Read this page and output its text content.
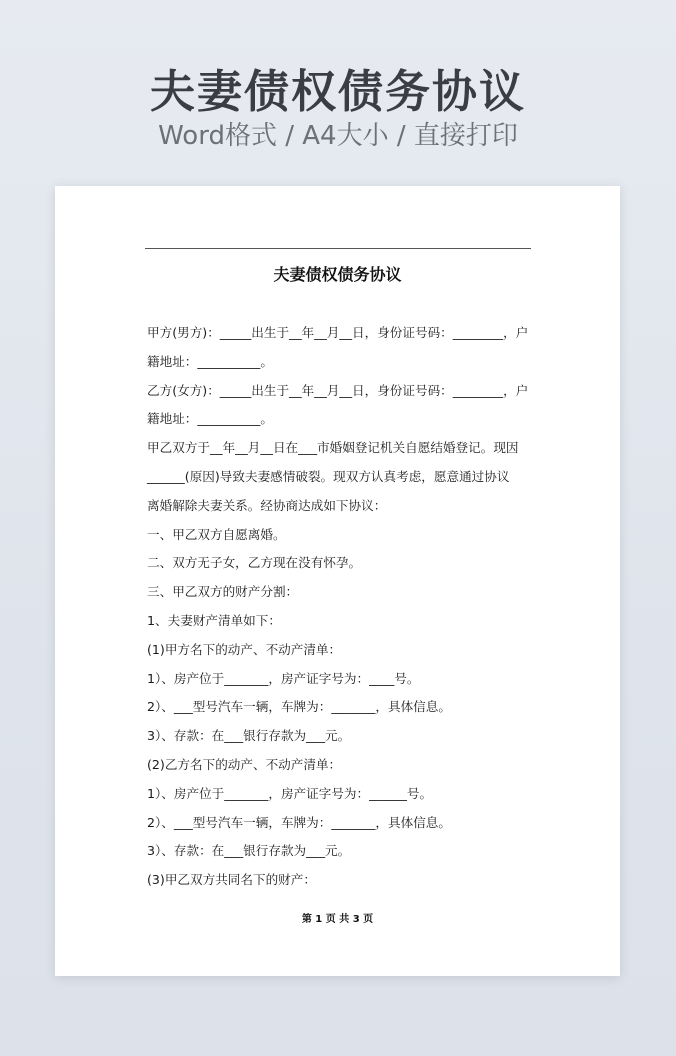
夫妻债权债务协议
Word格式 / A4大小 / 直接打印
夫妻债权债务协议
甲方(男方)：_____出生于__年__月__日，身份证号码：________，户
籍地址：__________。
乙方(女方)：_____出生于__年__月__日，身份证号码：________，户
籍地址：__________。
甲乙双方于__年__月__日在___市婚姻登记机关自愿结婚登记。现因
______(原因)导致夫妻感情破裂。现双方认真考虑，愿意通过协议
离婚解除夫妻关系。经协商达成如下协议：
一、甲乙双方自愿离婚。
二、双方无子女，乙方现在没有怀孕。
三、甲乙双方的财产分割：
1、夫妻财产清单如下：
(1)甲方名下的动产、不动产清单：
1）、房产位于_______，房产证字号为：____号。
2）、___型号汽车一辆，车牌为：_______，具体信息。
3）、存款：在___银行存款为___元。
(2)乙方名下的动产、不动产清单：
1）、房产位于_______，房产证字号为：______号。
2）、___型号汽车一辆，车牌为：_______，具体信息。
3）、存款：在___银行存款为___元。
(3)甲乙双方共同名下的财产：
第 1 页 共 3 页
